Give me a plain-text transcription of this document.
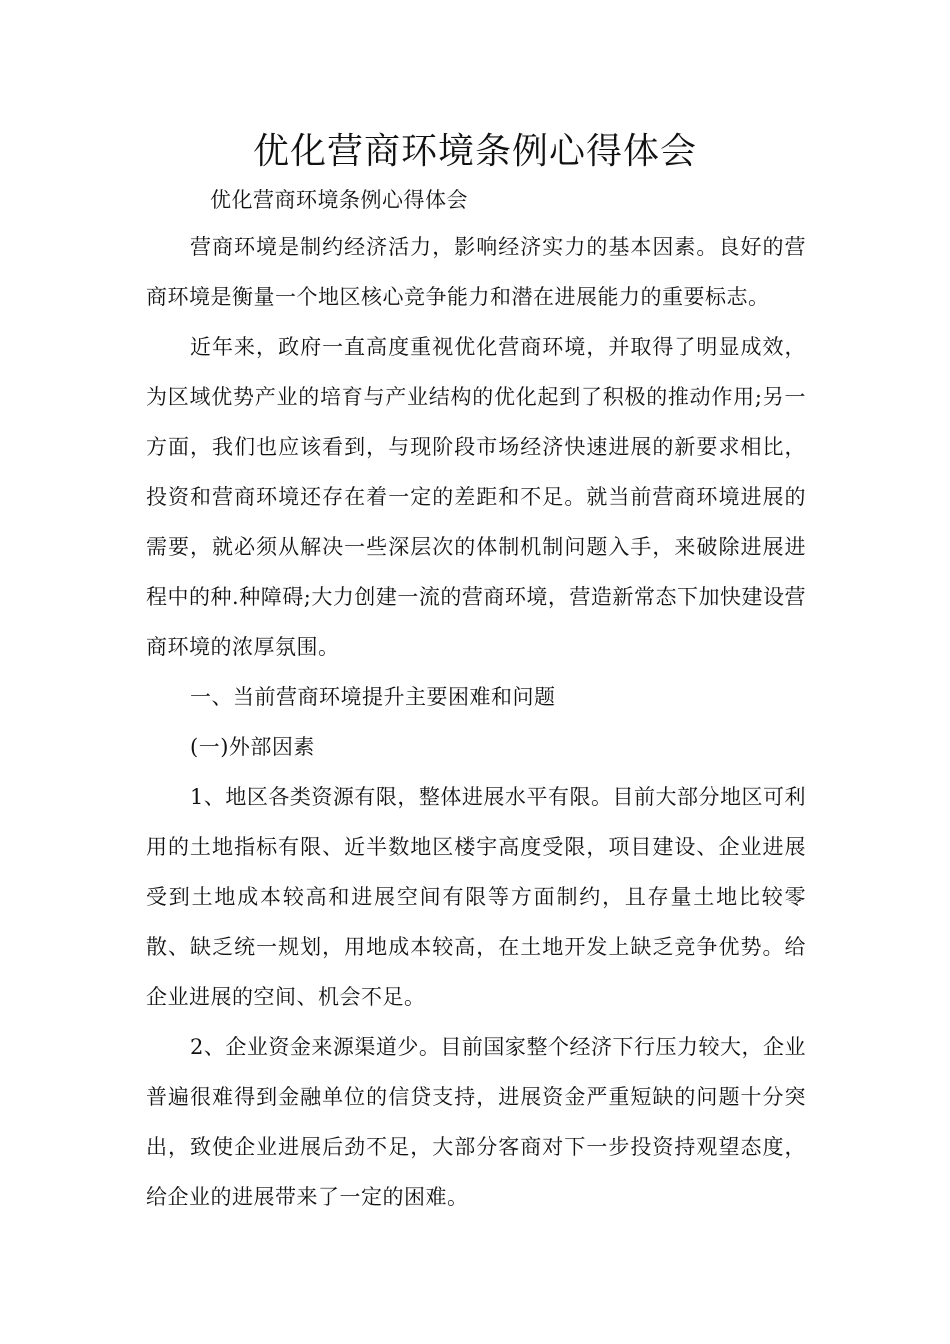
优化营商环境条例心得体会

优化营商环境条例心得体会

营商环境是制约经济活力，影响经济实力的基本因素。良好的营商环境是衡量一个地区核心竞争能力和潜在进展能力的重要标志。

近年来，政府一直高度重视优化营商环境，并取得了明显成效，为区域优势产业的培育与产业结构的优化起到了积极的推动作用;另一方面，我们也应该看到，与现阶段市场经济快速进展的新要求相比，投资和营商环境还存在着一定的差距和不足。就当前营商环境进展的需要，就必须从解决一些深层次的体制机制问题入手，来破除进展进程中的种.种障碍;大力创建一流的营商环境，营造新常态下加快建设营商环境的浓厚氛围。

一、当前营商环境提升主要困难和问题

(一)外部因素

1、地区各类资源有限，整体进展水平有限。目前大部分地区可利用的土地指标有限、近半数地区楼宇高度受限，项目建设、企业进展受到土地成本较高和进展空间有限等方面制约，且存量土地比较零散、缺乏统一规划，用地成本较高，在土地开发上缺乏竞争优势。给企业进展的空间、机会不足。

2、企业资金来源渠道少。目前国家整个经济下行压力较大，企业普遍很难得到金融单位的信贷支持，进展资金严重短缺的问题十分突出，致使企业进展后劲不足，大部分客商对下一步投资持观望态度，给企业的进展带来了一定的困难。
